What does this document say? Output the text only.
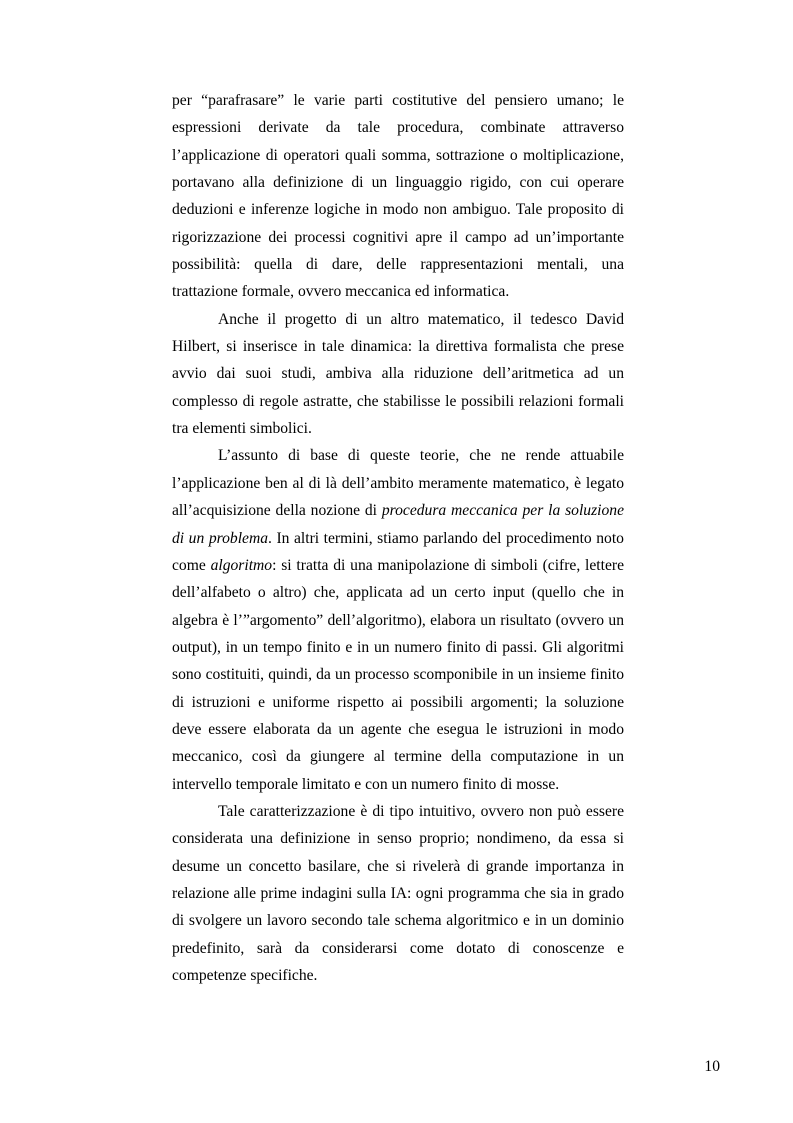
per “parafrasare” le varie parti costitutive del pensiero umano; le espressioni derivate da tale procedura, combinate attraverso l’applicazione di operatori quali somma, sottrazione o moltiplicazione, portavano alla definizione di un linguaggio rigido, con cui operare deduzioni e inferenze logiche in modo non ambiguo. Tale proposito di rigorizzazione dei processi cognitivi apre il campo ad un’importante possibilità: quella di dare, delle rappresentazioni mentali, una trattazione formale, ovvero meccanica ed informatica.

Anche il progetto di un altro matematico, il tedesco David Hilbert, si inserisce in tale dinamica: la direttiva formalista che prese avvio dai suoi studi, ambiva alla riduzione dell’aritmetica ad un complesso di regole astratte, che stabilisse le possibili relazioni formali tra elementi simbolici.

L’assunto di base di queste teorie, che ne rende attuabile l’applicazione ben al di là dell’ambito meramente matematico, è legato all’acquisizione della nozione di procedura meccanica per la soluzione di un problema. In altri termini, stiamo parlando del procedimento noto come algoritmo: si tratta di una manipolazione di simboli (cifre, lettere dell’alfabeto o altro) che, applicata ad un certo input (quello che in algebra è l’”argomento” dell’algoritmo), elabora un risultato (ovvero un output), in un tempo finito e in un numero finito di passi. Gli algoritmi sono costituiti, quindi, da un processo scomponibile in un insieme finito di istruzioni e uniforme rispetto ai possibili argomenti; la soluzione deve essere elaborata da un agente che esegua le istruzioni in modo meccanico, così da giungere al termine della computazione in un intervello temporale limitato e con un numero finito di mosse.

Tale caratterizzazione è di tipo intuitivo, ovvero non può essere considerata una definizione in senso proprio; nondimeno, da essa si desume un concetto basilare, che si rivelerà di grande importanza in relazione alle prime indagini sulla IA: ogni programma che sia in grado di svolgere un lavoro secondo tale schema algoritmico e in un dominio predefinito, sarà da considerarsi come dotato di conoscenze e competenze specifiche.

10
